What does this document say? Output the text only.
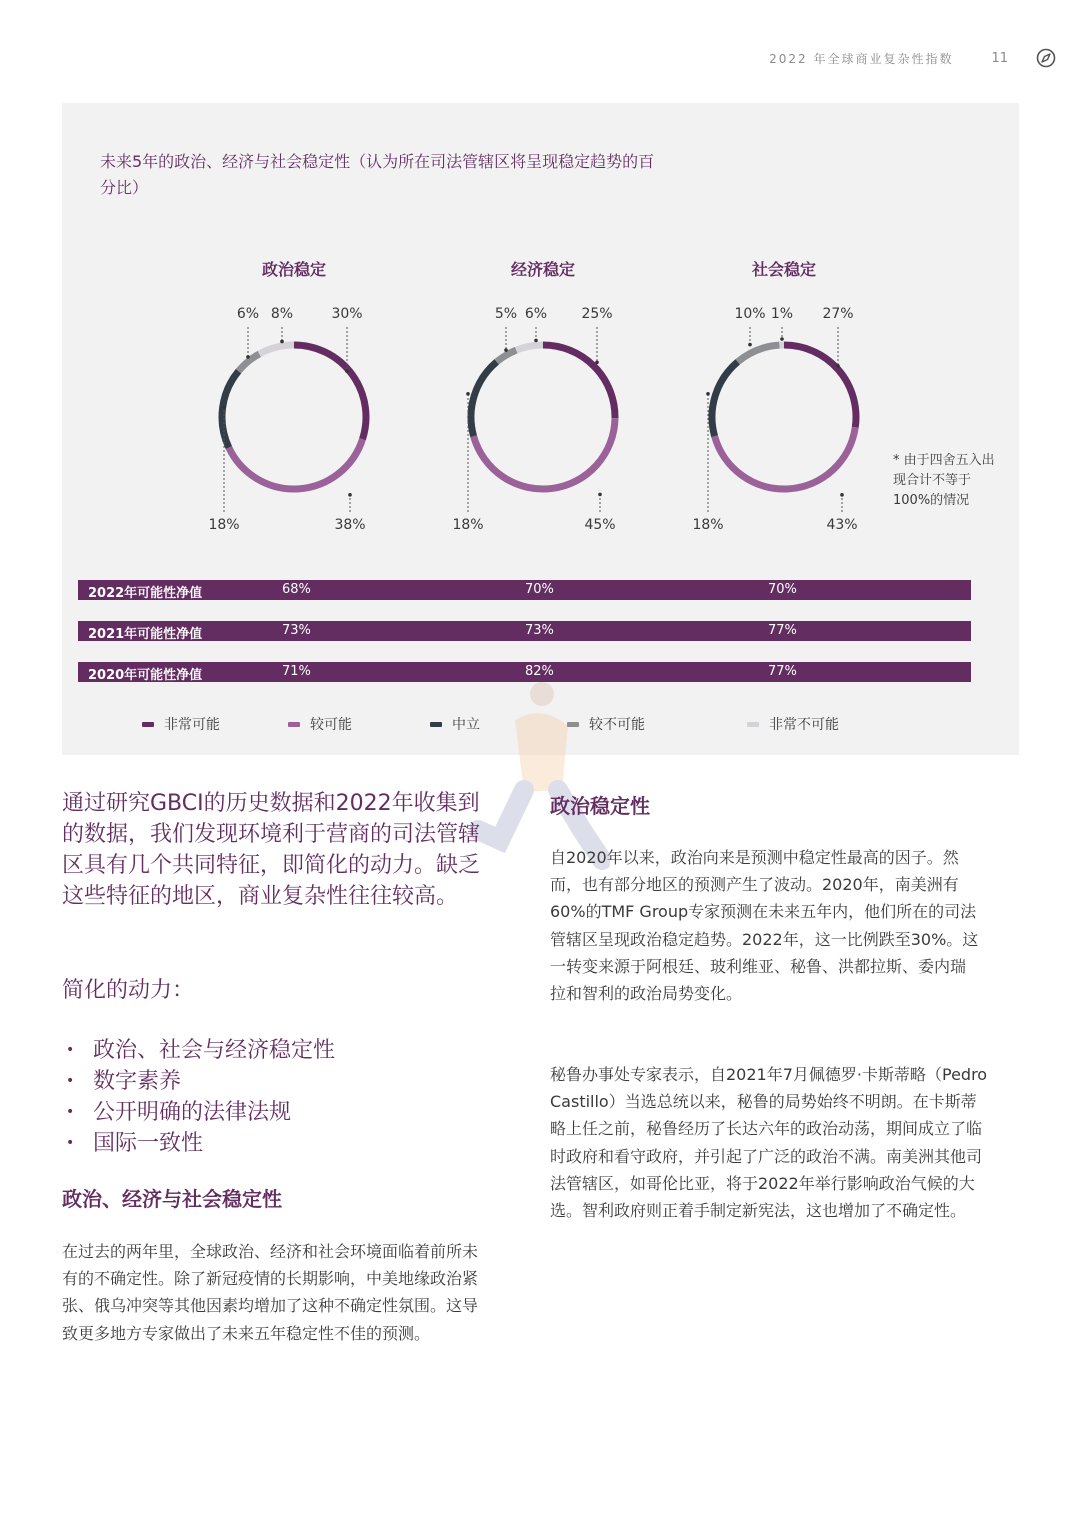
2022 年全球商业复杂性指数	11
未来5年的政治、经济与社会稳定性（认为所在司法管辖区将呈现稳定趋势的百分比）
政治稳定
30%
38%
18%
6% 8%
经济稳定
25%
45%
18%
5% 6%
社会稳定
27%
43%
18%
10% 1%
* 由于四舍五入出现合计不等于100%的情况
2022年可能性净值	68%	70%	70%
2021年可能性净值	73%	73%	77%
2020年可能性净值	71%	82%	77%
非常可能	较可能	中立	较不可能	非常不可能
通过研究GBCI的历史数据和2022年收集到的数据，我们发现环境利于营商的司法管辖区具有几个共同特征，即简化的动力。缺乏这些特征的地区，商业复杂性往往较高。
简化的动力：
• 政治、社会与经济稳定性
• 数字素养
• 公开明确的法律法规
• 国际一致性
政治、经济与社会稳定性
在过去的两年里，全球政治、经济和社会环境面临着前所未有的不确定性。除了新冠疫情的长期影响，中美地缘政治紧张、俄乌冲突等其他因素均增加了这种不确定性氛围。这导致更多地方专家做出了未来五年稳定性不佳的预测。
政治稳定性
自2020年以来，政治向来是预测中稳定性最高的因子。然而，也有部分地区的预测产生了波动。2020年，南美洲有60%的TMF Group专家预测在未来五年内，他们所在的司法管辖区呈现政治稳定趋势。2022年，这一比例跌至30%。这一转变来源于阿根廷、玻利维亚、秘鲁、洪都拉斯、委内瑞拉和智利的政治局势变化。
秘鲁办事处专家表示，自2021年7月佩德罗·卡斯蒂略（Pedro Castillo）当选总统以来，秘鲁的局势始终不明朗。在卡斯蒂略上任之前，秘鲁经历了长达六年的政治动荡，期间成立了临时政府和看守政府，并引起了广泛的政治不满。南美洲其他司法管辖区，如哥伦比亚，将于2022年举行影响政治气候的大选。智利政府则正着手制定新宪法，这也增加了不确定性。
